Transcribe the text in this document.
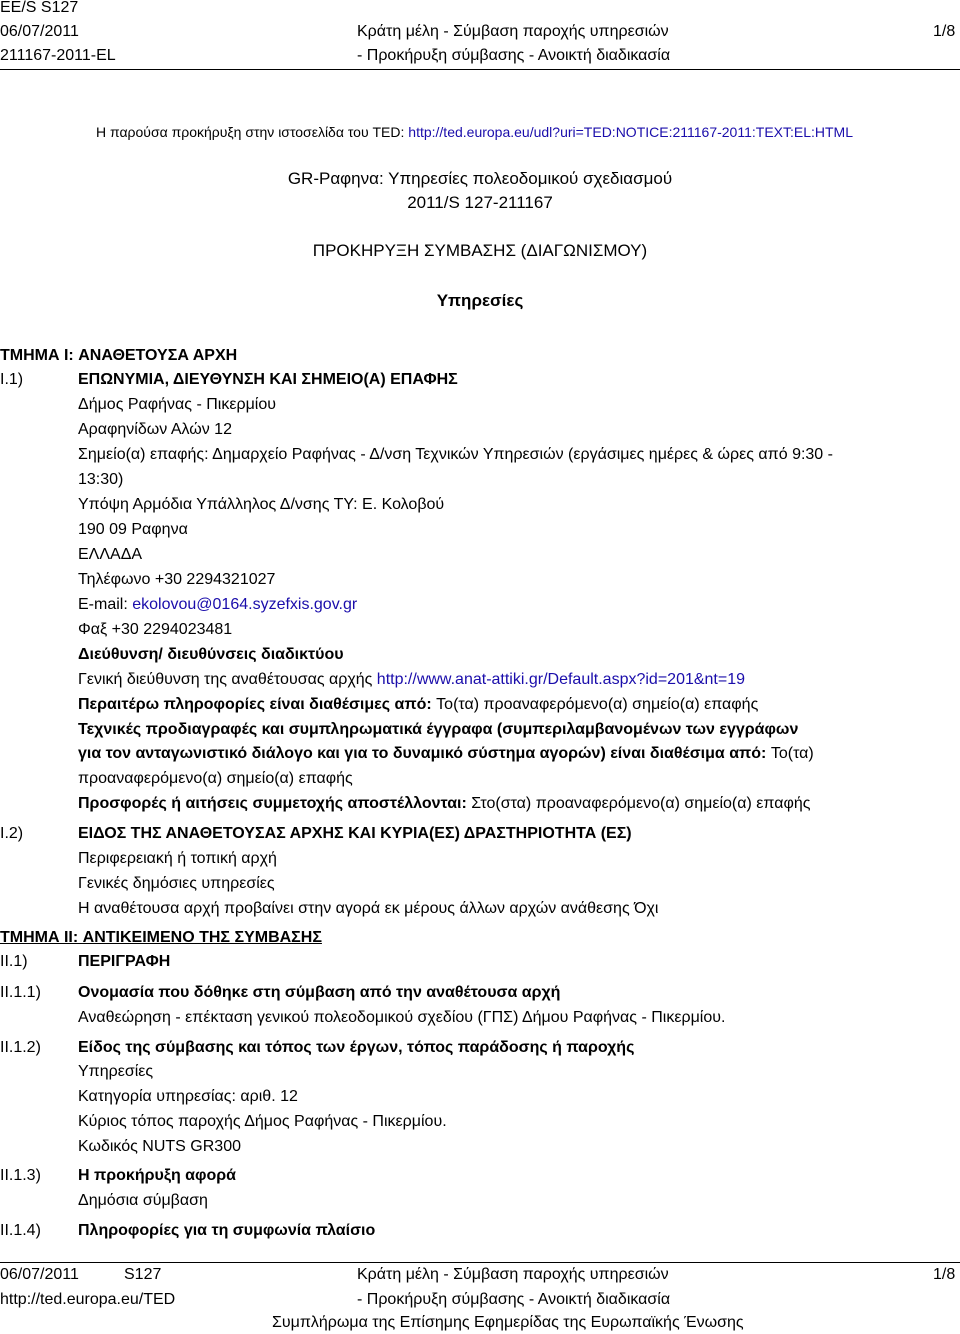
EE/S S127
06/07/2011
211167-2011-EL
Κράτη μέλη - Σύμβαση παροχής υπηρεσιών
- Προκήρυξη σύμβασης - Ανοικτή διαδικασία
1/8
Η παρούσα προκήρυξη στην ιστοσελίδα του TED: http://ted.europa.eu/udl?uri=TED:NOTICE:211167-2011:TEXT:EL:HTML
GR-Ραφηνα: Υπηρεσίες πολεοδομικού σχεδιασμού
2011/S 127-211167
ΠΡΟΚΗΡΥΞΗ ΣΥΜΒΑΣΗΣ (ΔΙΑΓΩΝΙΣΜΟΥ)
Υπηρεσίες
ΤΜΗΜΑ I: ΑΝΑΘΕΤΟΥΣΑ ΑΡΧΗ
I.1)	ΕΠΩΝΥΜΙΑ, ΔΙΕΥΘΥΝΣΗ ΚΑΙ ΣΗΜΕΙΟ(Α) ΕΠΑΦΗΣ
Δήμος Ραφήνας - Πικερμίου
Αραφηνίδων Αλών 12
Σημείο(α) επαφής: Δημαρχείο Ραφήνας - Δ/νση Τεχνικών Υπηρεσιών (εργάσιμες ημέρες & ώρες από 9:30 -
13:30)
Υπόψη Αρμόδια Υπάλληλος Δ/νσης ΤΥ: Ε. Κολοβού
190 09 Ραφηνα
ΕΛΛΑΔΑ
Τηλέφωνο +30 2294321027
E-mail: ekolovou@0164.syzefxis.gov.gr
Φαξ +30 2294023481
Διεύθυνση/ διευθύνσεις διαδικτύου
Γενική διεύθυνση της αναθέτουσας αρχής http://www.anat-attiki.gr/Default.aspx?id=201&nt=19
Περαιτέρω πληροφορίες είναι διαθέσιμες από: Το(τα) προαναφερόμενο(α) σημείο(α) επαφής
Τεχνικές προδιαγραφές και συμπληρωματικά έγγραφα (συμπεριλαμβανομένων των εγγράφων
για τον ανταγωνιστικό διάλογο και για το δυναμικό σύστημα αγορών) είναι διαθέσιμα από: Το(τα)
προαναφερόμενο(α) σημείο(α) επαφής
Προσφορές ή αιτήσεις συμμετοχής αποστέλλονται: Στο(στα) προαναφερόμενο(α) σημείο(α) επαφής
I.2)	ΕΙΔΟΣ ΤΗΣ ΑΝΑΘΕΤΟΥΣΑΣ ΑΡΧΗΣ ΚΑΙ ΚΥΡΙΑ(ΕΣ) ΔΡΑΣΤΗΡΙΟΤΗΤΑ (ΕΣ)
Περιφερειακή ή τοπική αρχή
Γενικές δημόσιες υπηρεσίες
Η αναθέτουσα αρχή προβαίνει στην αγορά εκ μέρους άλλων αρχών ανάθεσης Όχι
ΤΜΗΜΑ II: ΑΝΤΙΚΕΙΜΕΝΟ ΤΗΣ ΣΥΜΒΑΣΗΣ
II.1)	ΠΕΡΙΓΡΑΦΗ
II.1.1) Ονομασία που δόθηκε στη σύμβαση από την αναθέτουσα αρχή
Αναθεώρηση - επέκταση γενικού πολεοδομικού σχεδίου (ΓΠΣ) Δήμου Ραφήνας - Πικερμίου.
II.1.2) Είδος της σύμβασης και τόπος των έργων, τόπος παράδοσης ή παροχής
Υπηρεσίες
Κατηγορία υπηρεσίας: αριθ. 12
Κύριος τόπος παροχής Δήμος Ραφήνας - Πικερμίου.
Κωδικός NUTS GR300
II.1.3) Η προκήρυξη αφορά
Δημόσια σύμβαση
II.1.4) Πληροφορίες για τη συμφωνία πλαίσιο
06/07/2011	S127
http://ted.europa.eu/TED
Κράτη μέλη - Σύμβαση παροχής υπηρεσιών
- Προκήρυξη σύμβασης - Ανοικτή διαδικασία
Συμπλήρωμα της Επίσημης Εφημερίδας της Ευρωπαϊκής Ένωσης
1/8
